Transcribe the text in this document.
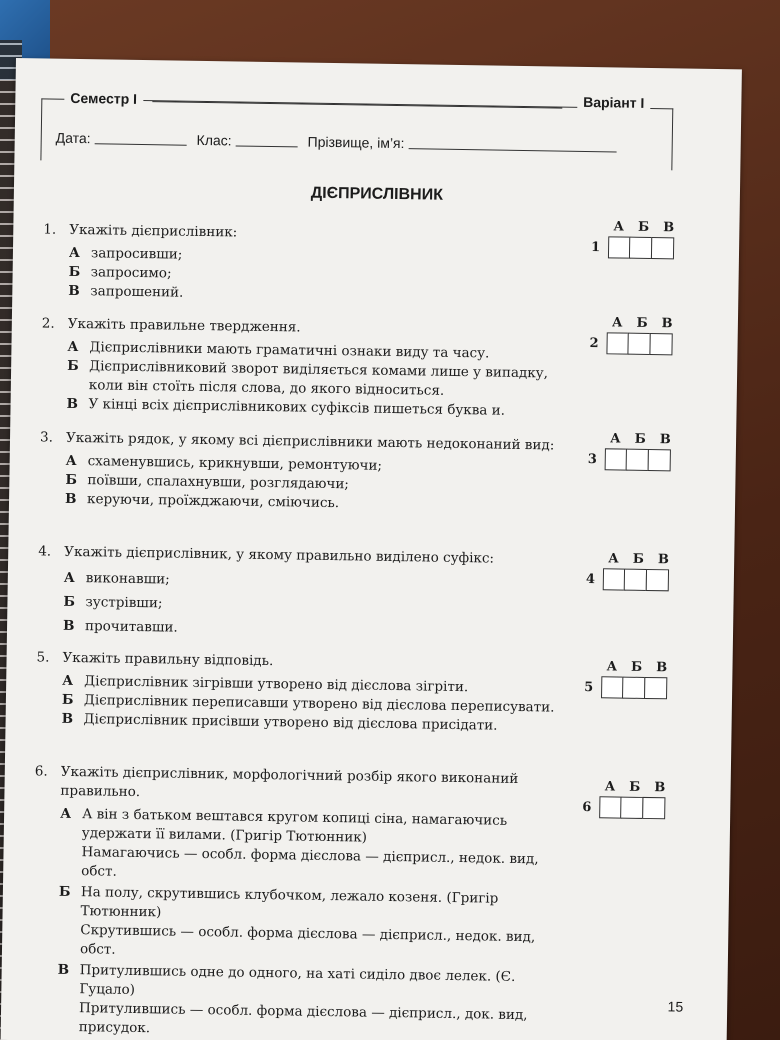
Семестр І	Варіант І
Дата:	Клас:	Прізвище, ім’я:
ДІЄПРИСЛІВНИК
1. Укажіть дієприслівник:
А запросивши;
Б запросимо;
В запрошений.
А Б В
1
2. Укажіть правильне твердження.
А Дієприслівники мають граматичні ознаки виду та часу.
Б Дієприслівниковий зворот виділяється комами лише у випадку, коли він стоїть після слова, до якого відноситься.
В У кінці всіх дієприслівникових суфіксів пишеться буква и.
А Б В
2
3. Укажіть рядок, у якому всі дієприслівники мають недоконаний вид:
А схаменувшись, крикнувши, ремонтуючи;
Б поївши, спалахнувши, розглядаючи;
В керуючи, проїжджаючи, сміючись.
А Б В
3
4. Укажіть дієприслівник, у якому правильно виділено суфікс:
А виконавши;
Б зустрівши;
В прочитавши.
А Б В
4
5. Укажіть правильну відповідь.
А Дієприслівник зігрівши утворено від дієслова зігріти.
Б Дієприслівник переписавши утворено від дієслова переписувати.
В Дієприслівник присівши утворено від дієслова присідати.
А Б В
5
6. Укажіть дієприслівник, морфологічний розбір якого виконаний правильно.
А А він з батьком вештався кругом копиці сіна, намагаючись удержати її вилами. (Григір Тютюнник)
Намагаючись — особл. форма дієслова — дієприсл., недок. вид, обст.
Б На полу, скрутившись клубочком, лежало козеня. (Григір Тютюнник)
Скрутившись — особл. форма дієслова — дієприсл., недок. вид, обст.
В Притулившись одне до одного, на хаті сиділо двоє лелек. (Є. Гуцало)
Притулившись — особл. форма дієслова — дієприсл., док. вид, присудок.
А Б В
6
15
